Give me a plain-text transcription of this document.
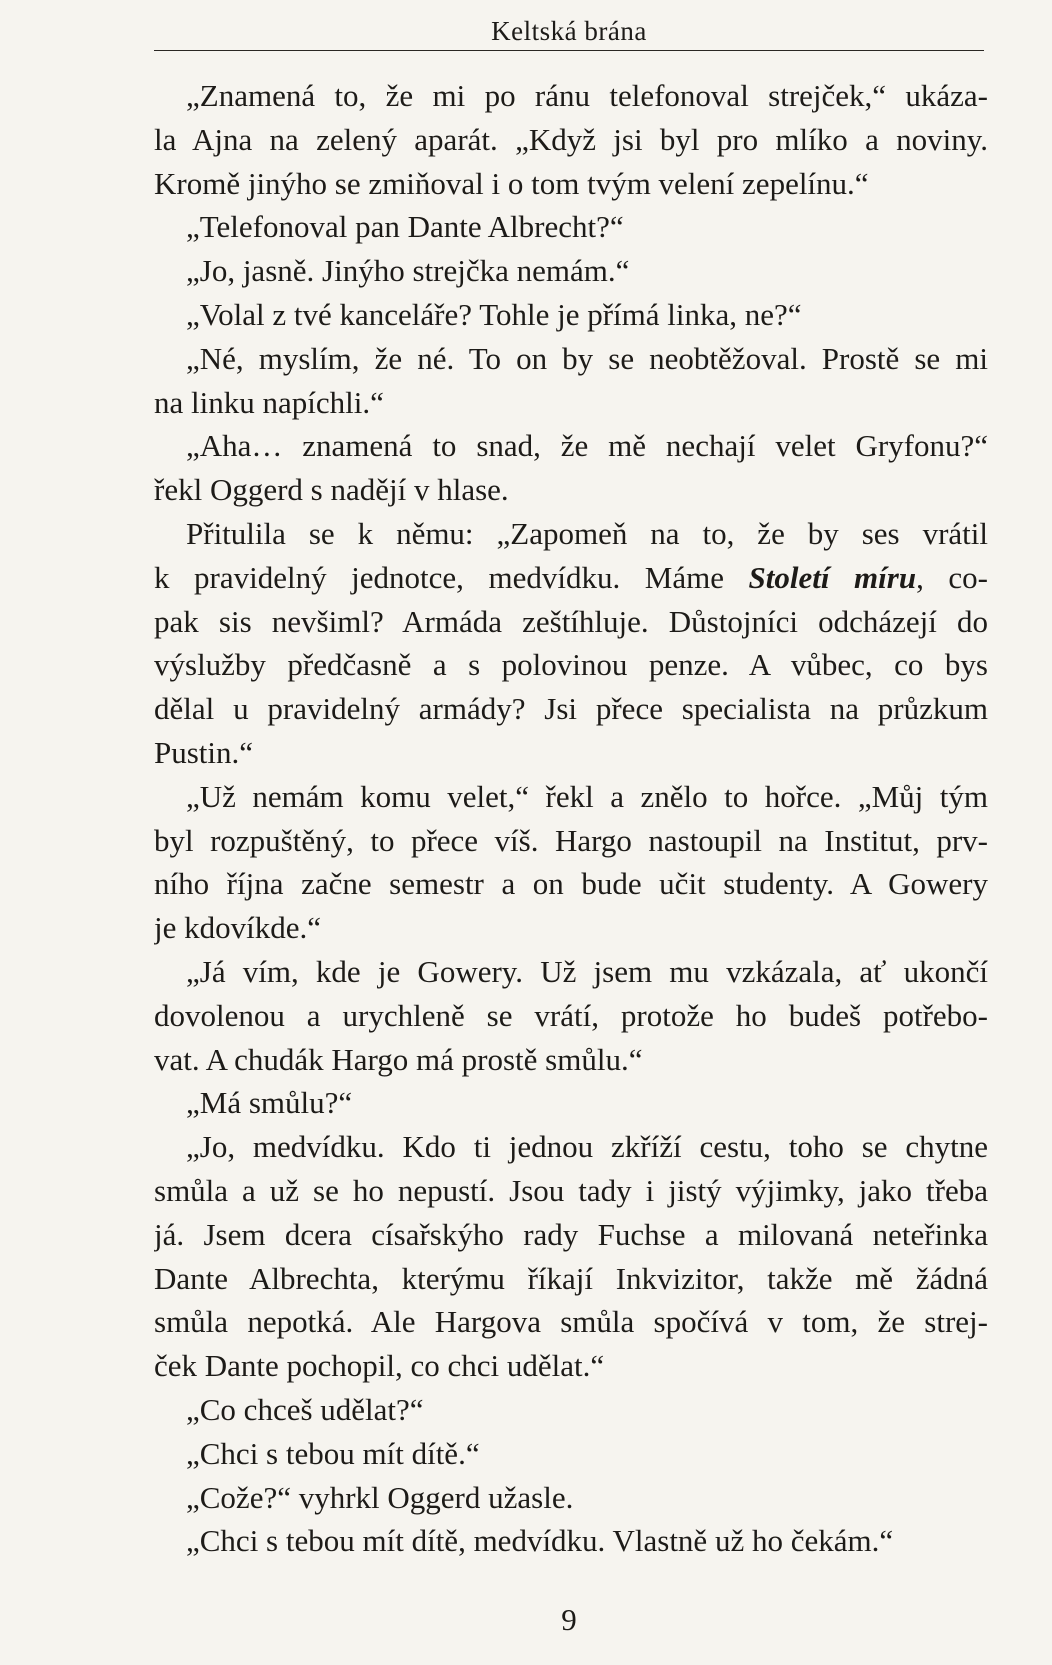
Keltská brána
„Znamená to, že mi po ránu telefonoval strejček,“ ukáza-
la Ajna na zelený aparát. „Když jsi byl pro mlíko a noviny.
Kromě jinýho se zmiňoval i o tom tvým velení zepelínu.“
„Telefonoval pan Dante Albrecht?“
„Jo, jasně. Jinýho strejčka nemám.“
„Volal z tvé kanceláře? Tohle je přímá linka, ne?“
„Né, myslím, že né. To on by se neobtěžoval. Prostě se mi
na linku napíchli.“
„Aha… znamená to snad, že mě nechají velet Gryfonu?“
řekl Oggerd s nadějí v hlase.
Přitulila se k němu: „Zapomeň na to, že by ses vrátil
k pravidelný jednotce, medvídku. Máme Století míru, co-
pak sis nevšiml? Armáda zeštíhluje. Důstojníci odcházejí do
výslužby předčasně a s polovinou penze. A vůbec, co bys
dělal u pravidelný armády? Jsi přece specialista na průzkum
Pustin.“
„Už nemám komu velet,“ řekl a znělo to hořce. „Můj tým
byl rozpuštěný, to přece víš. Hargo nastoupil na Institut, prv-
ního října začne semestr a on bude učit studenty. A Gowery
je kdovíkde.“
„Já vím, kde je Gowery. Už jsem mu vzkázala, ať ukončí
dovolenou a urychleně se vrátí, protože ho budeš potřebo-
vat. A chudák Hargo má prostě smůlu.“
„Má smůlu?“
„Jo, medvídku. Kdo ti jednou zkříží cestu, toho se chytne
smůla a už se ho nepustí. Jsou tady i jistý výjimky, jako třeba
já. Jsem dcera císařskýho rady Fuchse a milovaná neteřinka
Dante Albrechta, kterýmu říkají Inkvizitor, takže mě žádná
smůla nepotká. Ale Hargova smůla spočívá v tom, že strej-
ček Dante pochopil, co chci udělat.“
„Co chceš udělat?“
„Chci s tebou mít dítě.“
„Cože?“ vyhrkl Oggerd užasle.
„Chci s tebou mít dítě, medvídku. Vlastně už ho čekám.“
9
